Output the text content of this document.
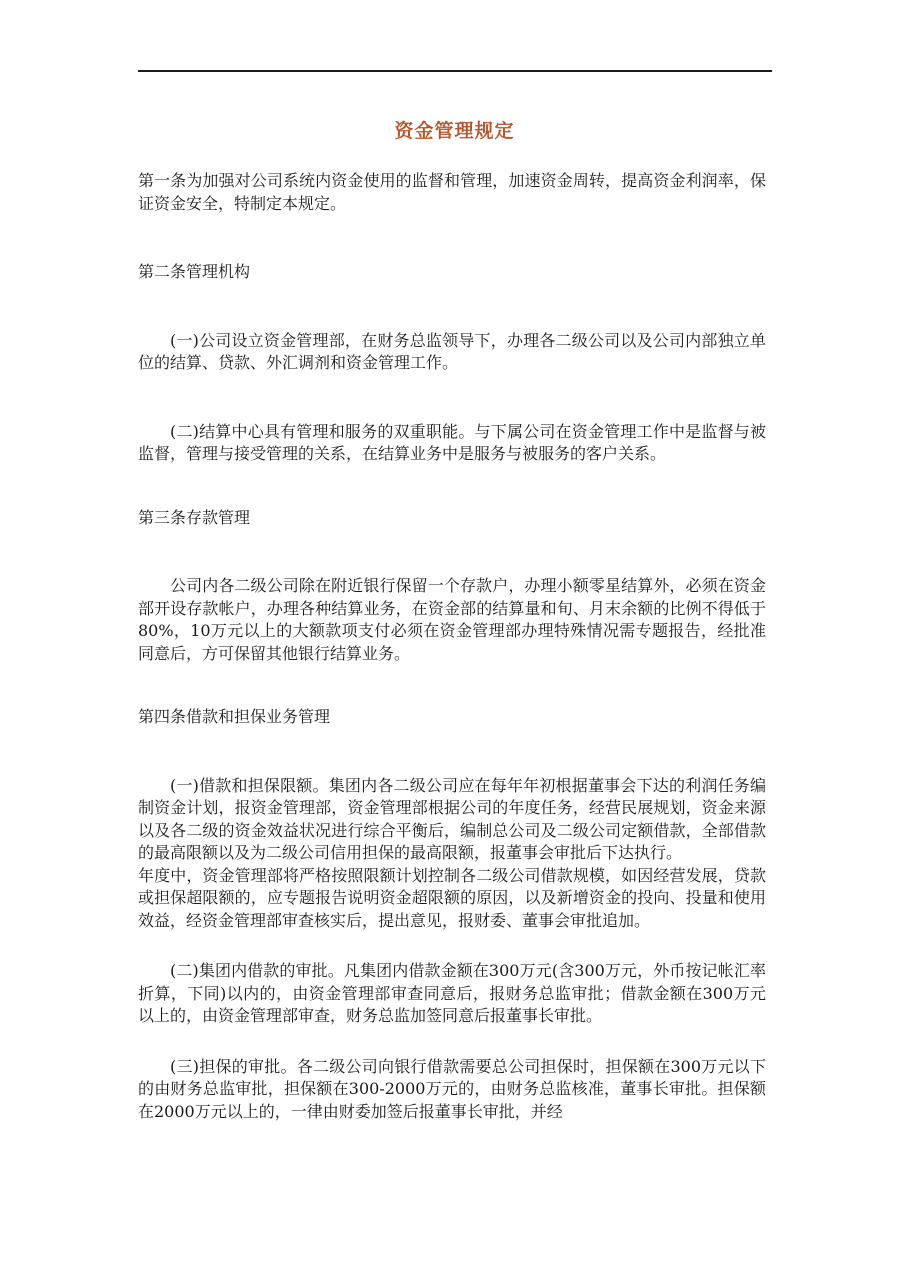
资金管理规定

第一条为加强对公司系统内资金使用的监督和管理，加速资金周转，提高资金利润率，保证资金安全，特制定本规定。

第二条管理机构

(一)公司设立资金管理部，在财务总监领导下，办理各二级公司以及公司内部独立单位的结算、贷款、外汇调剂和资金管理工作。

(二)结算中心具有管理和服务的双重职能。与下属公司在资金管理工作中是监督与被监督，管理与接受管理的关系，在结算业务中是服务与被服务的客户关系。

第三条存款管理

公司内各二级公司除在附近银行保留一个存款户，办理小额零星结算外，必须在资金部开设存款帐户，办理各种结算业务，在资金部的结算量和旬、月末余额的比例不得低于80%，10万元以上的大额款项支付必须在资金管理部办理特殊情况需专题报告，经批准同意后，方可保留其他银行结算业务。

第四条借款和担保业务管理

(一)借款和担保限额。集团内各二级公司应在每年年初根据董事会下达的利润任务编制资金计划，报资金管理部，资金管理部根据公司的年度任务，经营民展规划，资金来源以及各二级的资金效益状况进行综合平衡后，编制总公司及二级公司定额借款，全部借款的最高限额以及为二级公司信用担保的最高限额，报董事会审批后下达执行。

年度中，资金管理部将严格按照限额计划控制各二级公司借款规模，如因经营发展，贷款或担保超限额的，应专题报告说明资金超限额的原因，以及新增资金的投向、投量和使用效益，经资金管理部审查核实后，提出意见，报财委、董事会审批追加。

(二)集团内借款的审批。凡集团内借款金额在300万元(含300万元，外币按记帐汇率折算，下同)以内的，由资金管理部审查同意后，报财务总监审批；借款金额在300万元以上的，由资金管理部审查，财务总监加签同意后报董事长审批。

(三)担保的审批。各二级公司向银行借款需要总公司担保时，担保额在300万元以下的由财务总监审批，担保额在300-2000万元的，由财务总监核准，董事长审批。担保额在2000万元以上的，一律由财委加签后报董事长审批，并经
